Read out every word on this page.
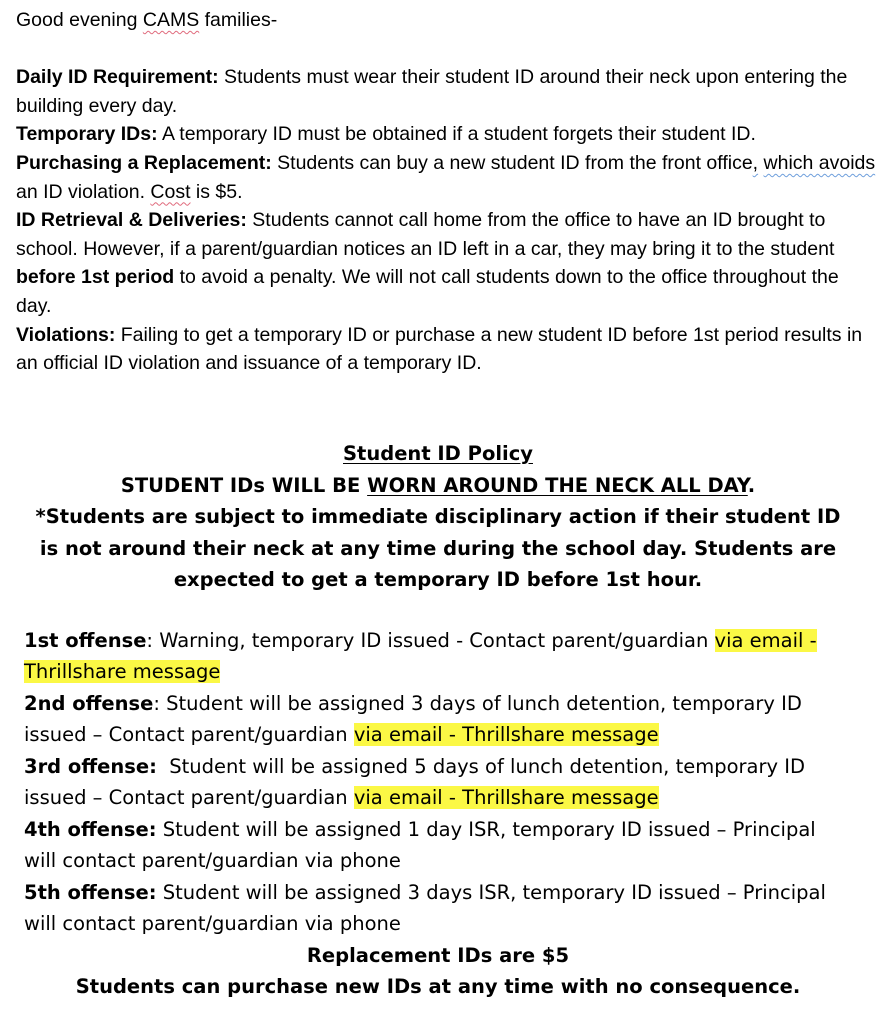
Good evening CAMS families-

Daily ID Requirement: Students must wear their student ID around their neck upon entering the building every day.

Temporary IDs: A temporary ID must be obtained if a student forgets their student ID.

Purchasing a Replacement: Students can buy a new student ID from the front office, which avoids an ID violation. Cost is $5.

ID Retrieval & Deliveries: Students cannot call home from the office to have an ID brought to school. However, if a parent/guardian notices an ID left in a car, they may bring it to the student before 1st period to avoid a penalty. We will not call students down to the office throughout the day.

Violations: Failing to get a temporary ID or purchase a new student ID before 1st period results in an official ID violation and issuance of a temporary ID.

Student ID Policy

STUDENT IDs WILL BE WORN AROUND THE NECK ALL DAY.

*Students are subject to immediate disciplinary action if their student ID is not around their neck at any time during the school day. Students are expected to get a temporary ID before 1st hour.

1st offense: Warning, temporary ID issued - Contact parent/guardian via email - Thrillshare message

2nd offense: Student will be assigned 3 days of lunch detention, temporary ID issued – Contact parent/guardian via email - Thrillshare message

3rd offense: Student will be assigned 5 days of lunch detention, temporary ID issued – Contact parent/guardian via email - Thrillshare message

4th offense: Student will be assigned 1 day ISR, temporary ID issued – Principal will contact parent/guardian via phone

5th offense: Student will be assigned 3 days ISR, temporary ID issued – Principal will contact parent/guardian via phone

Replacement IDs are $5

Students can purchase new IDs at any time with no consequence.
